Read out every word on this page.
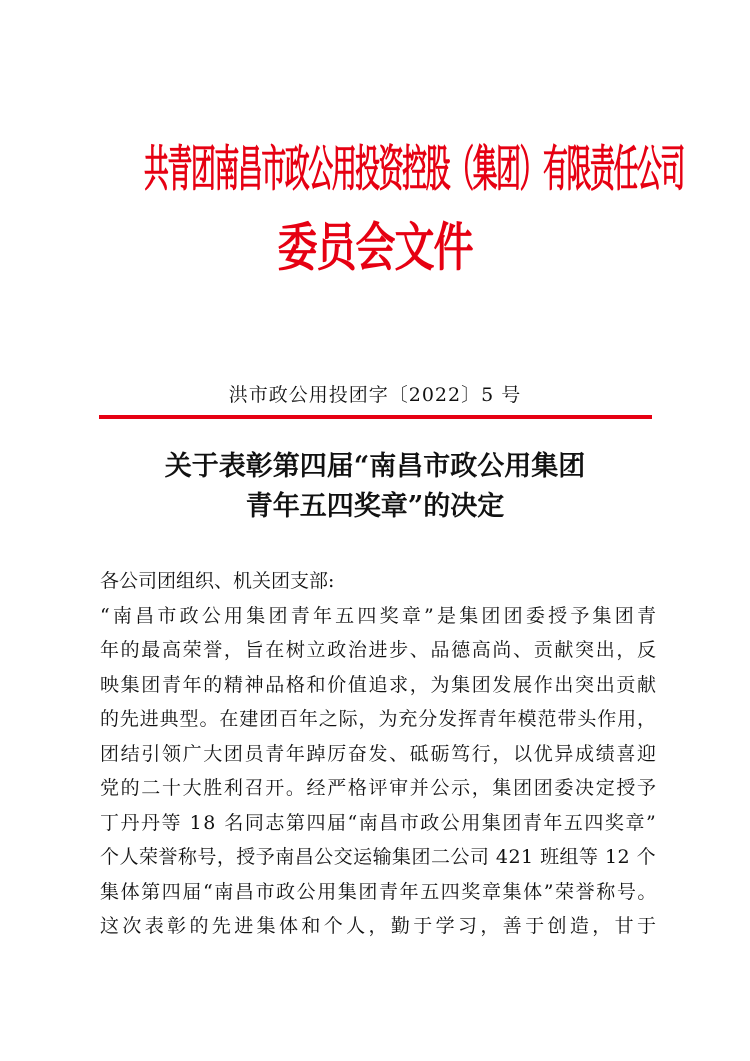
共青团南昌市政公用投资控股（集团）有限责任公司
委员会文件
洪市政公用投团字〔2022〕5 号
关于表彰第四届“南昌市政公用集团
青年五四奖章”的决定

各公司团组织、机关团支部:

“南昌市政公用集团青年五四奖章”是集团团委授予集团青
年的最高荣誉，旨在树立政治进步、品德高尚、贡献突出，反
映集团青年的精神品格和价值追求，为集团发展作出突出贡献
的先进典型。在建团百年之际，为充分发挥青年模范带头作用，
团结引领广大团员青年踔厉奋发、砥砺笃行，以优异成绩喜迎
党的二十大胜利召开。经严格评审并公示，集团团委决定授予
丁丹丹等 18 名同志第四届“南昌市政公用集团青年五四奖章”
个人荣誉称号，授予南昌公交运输集团二公司 421 班组等 12 个
集体第四届“南昌市政公用集团青年五四奖章集体”荣誉称号。

这次表彰的先进集体和个人，勤于学习，善于创造，甘于
